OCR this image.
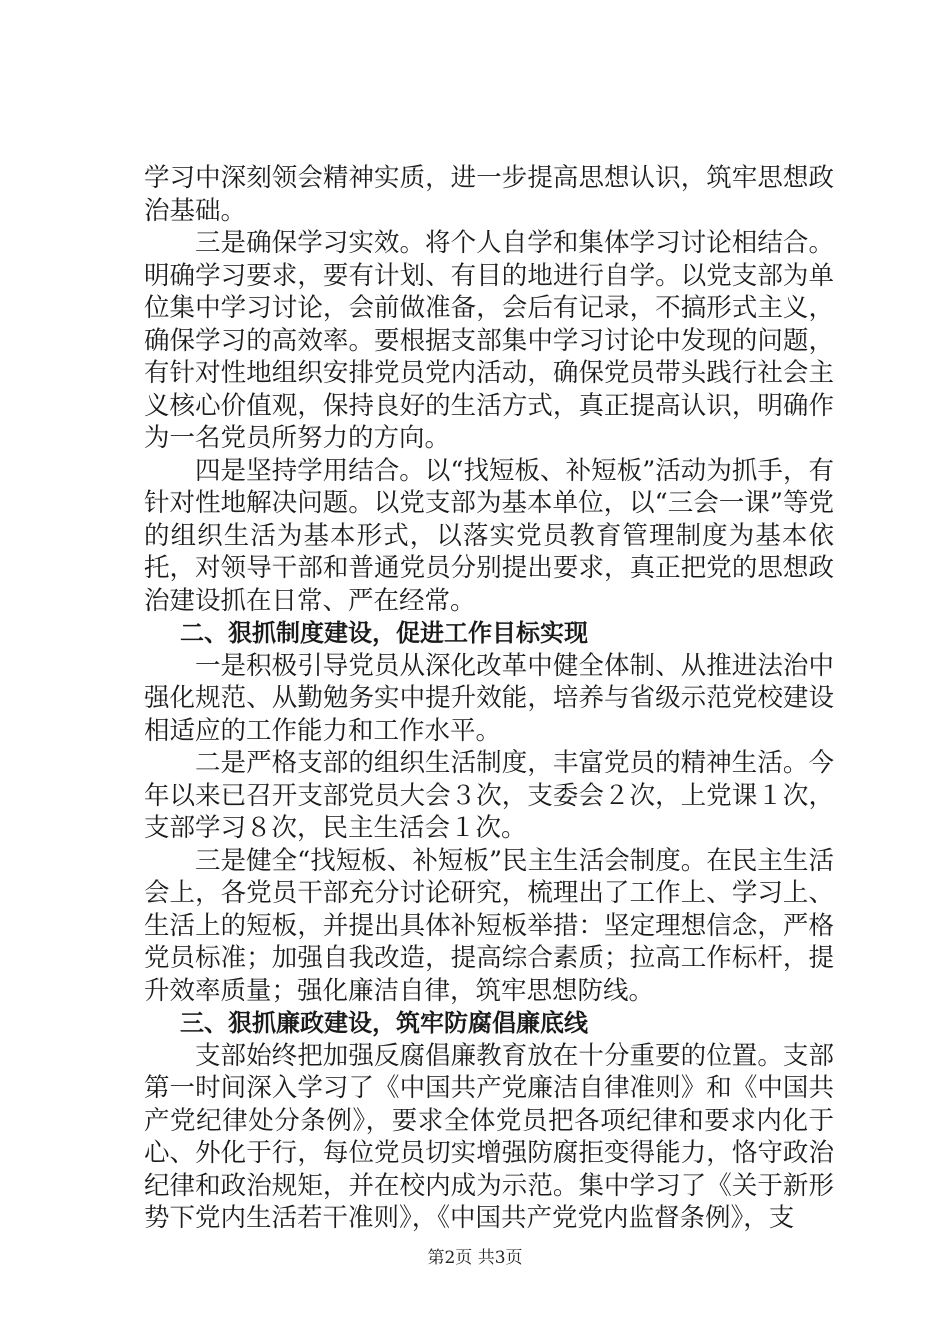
学习中深刻领会精神实质，进一步提高思想认识，筑牢思想政治基础。

三是确保学习实效。将个人自学和集体学习讨论相结合。明确学习要求，要有计划、有目的地进行自学。以党支部为单位集中学习讨论，会前做准备，会后有记录，不搞形式主义，确保学习的高效率。要根据支部集中学习讨论中发现的问题，有针对性地组织安排党员党内活动，确保党员带头践行社会主义核心价值观，保持良好的生活方式，真正提高认识，明确作为一名党员所努力的方向。

四是坚持学用结合。以“找短板、补短板”活动为抓手，有针对性地解决问题。以党支部为基本单位，以“三会一课”等党的组织生活为基本形式，以落实党员教育管理制度为基本依托，对领导干部和普通党员分别提出要求，真正把党的思想政治建设抓在日常、严在经常。

二、狠抓制度建设，促进工作目标实现

一是积极引导党员从深化改革中健全体制、从推进法治中强化规范、从勤勉务实中提升效能，培养与省级示范党校建设相适应的工作能力和工作水平。

二是严格支部的组织生活制度，丰富党员的精神生活。今年以来已召开支部党员大会３次，支委会２次，上党课１次，支部学习８次，民主生活会１次。

三是健全“找短板、补短板”民主生活会制度。在民主生活会上，各党员干部充分讨论研究，梳理出了工作上、学习上、生活上的短板，并提出具体补短板举措：坚定理想信念，严格党员标准；加强自我改造，提高综合素质；拉高工作标杆，提升效率质量；强化廉洁自律，筑牢思想防线。

三、狠抓廉政建设，筑牢防腐倡廉底线

支部始终把加强反腐倡廉教育放在十分重要的位置。支部第一时间深入学习了《中国共产党廉洁自律准则》和《中国共产党纪律处分条例》，要求全体党员把各项纪律和要求内化于心、外化于行，每位党员切实增强防腐拒变得能力，恪守政治纪律和政治规矩，并在校内成为示范。集中学习了《关于新形势下党内生活若干准则》，《中国共产党党内监督条例》，支

第2页 共3页
